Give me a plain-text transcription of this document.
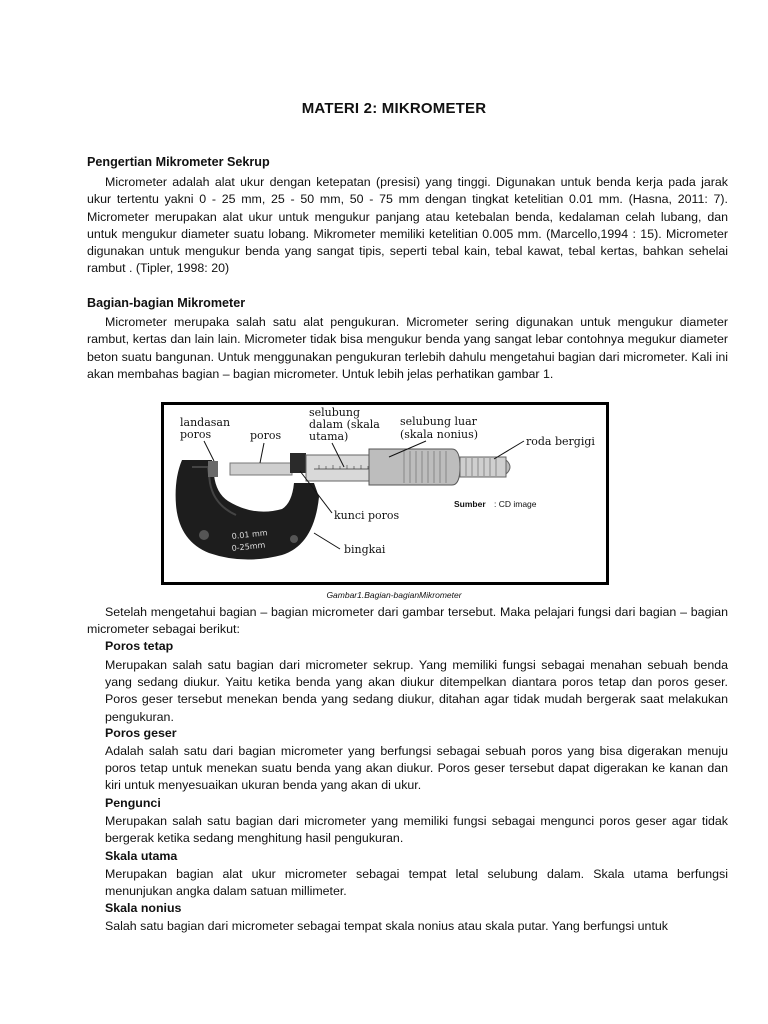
MATERI 2: MIKROMETER
Pengertian Mikrometer Sekrup
Micrometer adalah alat ukur dengan ketepatan (presisi) yang tinggi. Digunakan untuk benda kerja pada jarak ukur tertentu yakni 0 - 25 mm, 25 - 50 mm, 50 - 75 mm dengan tingkat ketelitian 0.01 mm. (Hasna, 2011: 7). Micrometer merupakan alat ukur untuk mengukur panjang atau ketebalan benda, kedalaman celah lubang, dan untuk mengukur diameter suatu lobang. Mikrometer memiliki ketelitian 0.005 mm. (Marcello,1994 : 15). Micrometer digunakan untuk mengukur benda yang sangat tipis, seperti tebal kain, tebal kawat, tebal kertas, bahkan sehelai rambut . (Tipler, 1998: 20)
Bagian-bagian Mikrometer
Micrometer merupaka salah satu alat pengukuran. Micrometer sering digunakan untuk mengukur diameter rambut, kertas dan lain lain. Micrometer tidak bisa mengukur benda yang sangat lebar contohnya megukur diameter beton suatu bangunan. Untuk menggunakan pengukuran terlebih dahulu mengetahui bagian dari micrometer. Kali ini akan membahas bagian – bagian micrometer. Untuk lebih jelas perhatikan gambar 1.
0.01 mm
0-25mm
landasan
poros	poros
selubung
dalam (skala
utama)
selubung luar
(skala nonius)
roda bergigi
kunci poros
bingkai
Sumber : CD image
Gambar1.Bagian-bagianMikrometer
Setelah mengetahui bagian – bagian micrometer dari gambar tersebut. Maka pelajari fungsi dari bagian – bagian micrometer sebagai berikut:
Poros tetap
Merupakan salah satu bagian dari micrometer sekrup. Yang memiliki fungsi sebagai menahan sebuah benda yang sedang diukur. Yaitu ketika benda yang akan diukur ditempelkan diantara poros tetap dan poros geser. Poros geser tersebut menekan benda yang sedang diukur, ditahan agar tidak mudah bergerak saat melakukan pengukuran.
Poros geser
Adalah salah satu dari bagian micrometer yang berfungsi sebagai sebuah poros yang bisa digerakan menuju poros tetap untuk menekan suatu benda yang akan diukur. Poros geser tersebut dapat digerakan ke kanan dan kiri untuk menyesuaikan ukuran benda yang akan di ukur.
Pengunci
Merupakan salah satu bagian dari micrometer yang memiliki fungsi sebagai mengunci poros geser agar tidak bergerak ketika sedang menghitung hasil pengukuran.
Skala utama
Merupakan bagian alat ukur micrometer sebagai tempat letal selubung dalam. Skala utama berfungsi menunjukan angka dalam satuan millimeter.
Skala nonius
Salah satu bagian dari micrometer sebagai tempat skala nonius atau skala putar. Yang berfungsi untuk
